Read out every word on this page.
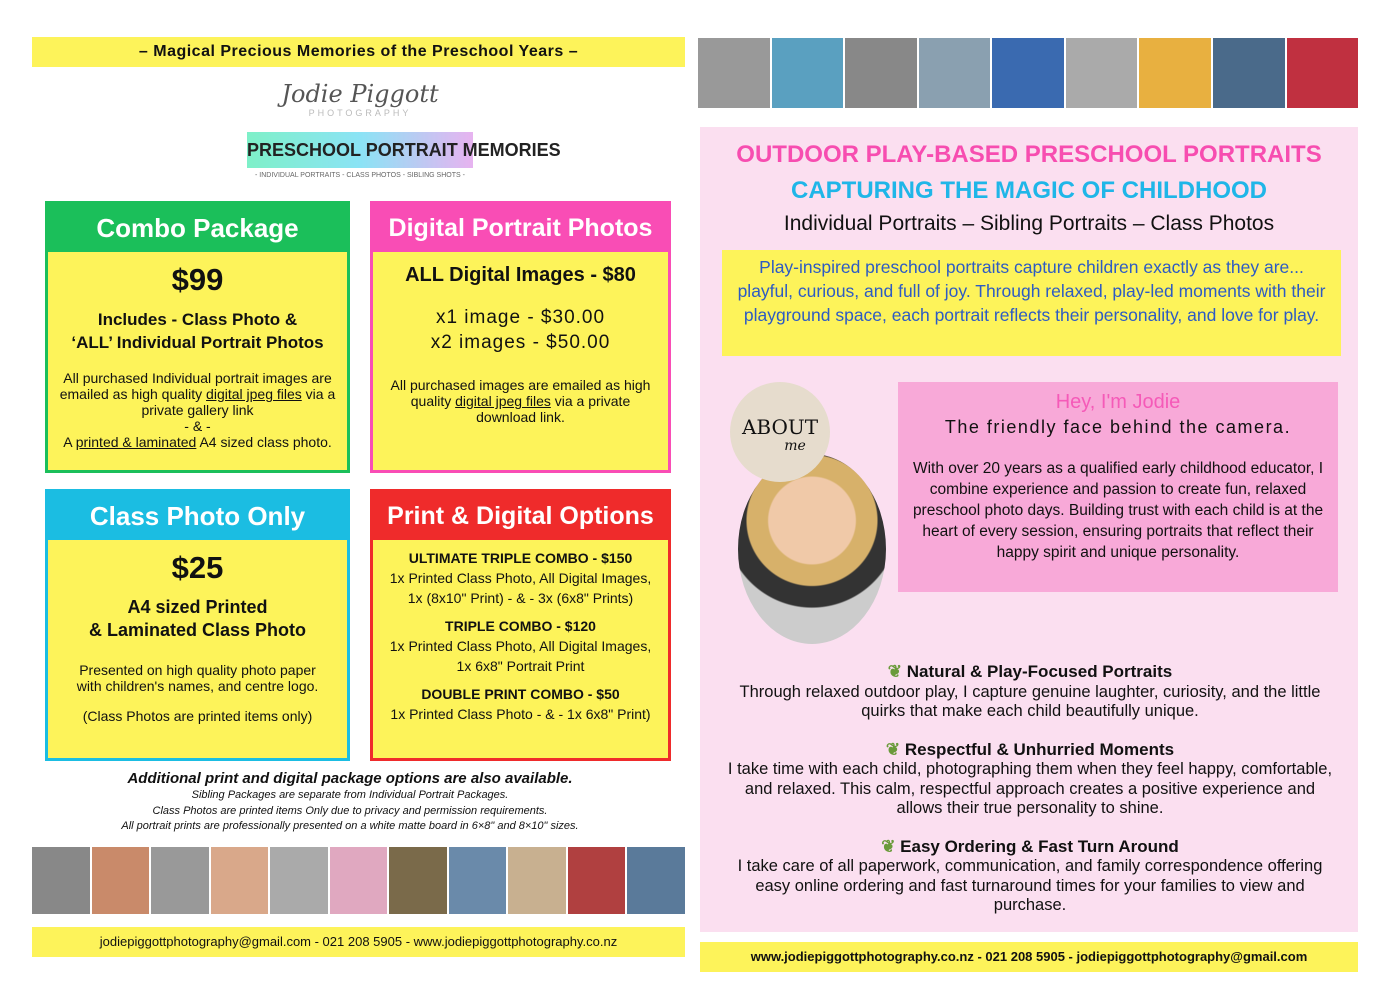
– Magical Precious Memories of the Preschool Years –
Jodie Piggott
PHOTOGRAPHY
PRESCHOOL PORTRAIT MEMORIES
- INDIVIDUAL PORTRAITS - CLASS PHOTOS - SIBLING SHOTS -
Combo Package
$99
Includes - Class Photo &
‘ALL’ Individual Portrait Photos
All purchased Individual portrait images are emailed as high quality digital jpeg files via a private gallery link
- & -
A printed & laminated A4 sized class photo.
Digital Portrait Photos
ALL Digital Images - $80
x1 image - $30.00
x2 images - $50.00
All purchased images are emailed as high quality digital jpeg files via a private download link.
Class Photo Only
$25
A4 sized Printed
& Laminated Class Photo
Presented on high quality photo paper with children's names, and centre logo.
(Class Photos are printed items only)
Print & Digital Options
ULTIMATE TRIPLE COMBO - $150
1x Printed Class Photo, All Digital Images, 1x (8x10" Print) - & - 3x (6x8" Prints)
TRIPLE COMBO - $120
1x Printed Class Photo, All Digital Images, 1x 6x8" Portrait Print
DOUBLE PRINT COMBO - $50
1x Printed Class Photo - & - 1x 6x8" Print)
Additional print and digital package options are also available.
Sibling Packages are separate from Individual Portrait Packages.
Class Photos are printed items Only due to privacy and permission requirements.
All portrait prints are professionally presented on a white matte board in 6×8" and 8×10" sizes.
jodiepiggottphotography@gmail.com - 021 208 5905 - www.jodiepiggottphotography.co.nz
OUTDOOR PLAY-BASED PRESCHOOL PORTRAITS
CAPTURING THE MAGIC OF CHILDHOOD
Individual Portraits – Sibling Portraits – Class Photos
Play-inspired preschool portraits capture children exactly as they are... playful, curious, and full of joy. Through relaxed, play-led moments with their playground space, each portrait reflects their personality, and love for play.
ABOUT
me
Hey, I'm Jodie
The friendly face behind the camera.
With over 20 years as a qualified early childhood educator, I combine experience and passion to create fun, relaxed preschool photo days. Building trust with each child is at the heart of every session, ensuring portraits that reflect their happy spirit and unique personality.
❦ Natural & Play-Focused Portraits
Through relaxed outdoor play, I capture genuine laughter, curiosity, and the little quirks that make each child beautifully unique.
❦ Respectful & Unhurried Moments
I take time with each child, photographing them when they feel happy, comfortable, and relaxed. This calm, respectful approach creates a positive experience and allows their true personality to shine.
❦ Easy Ordering & Fast Turn Around
I take care of all paperwork, communication, and family correspondence offering easy online ordering and fast turnaround times for your families to view and purchase.
www.jodiepiggottphotography.co.nz - 021 208 5905 - jodiepiggottphotography@gmail.com
